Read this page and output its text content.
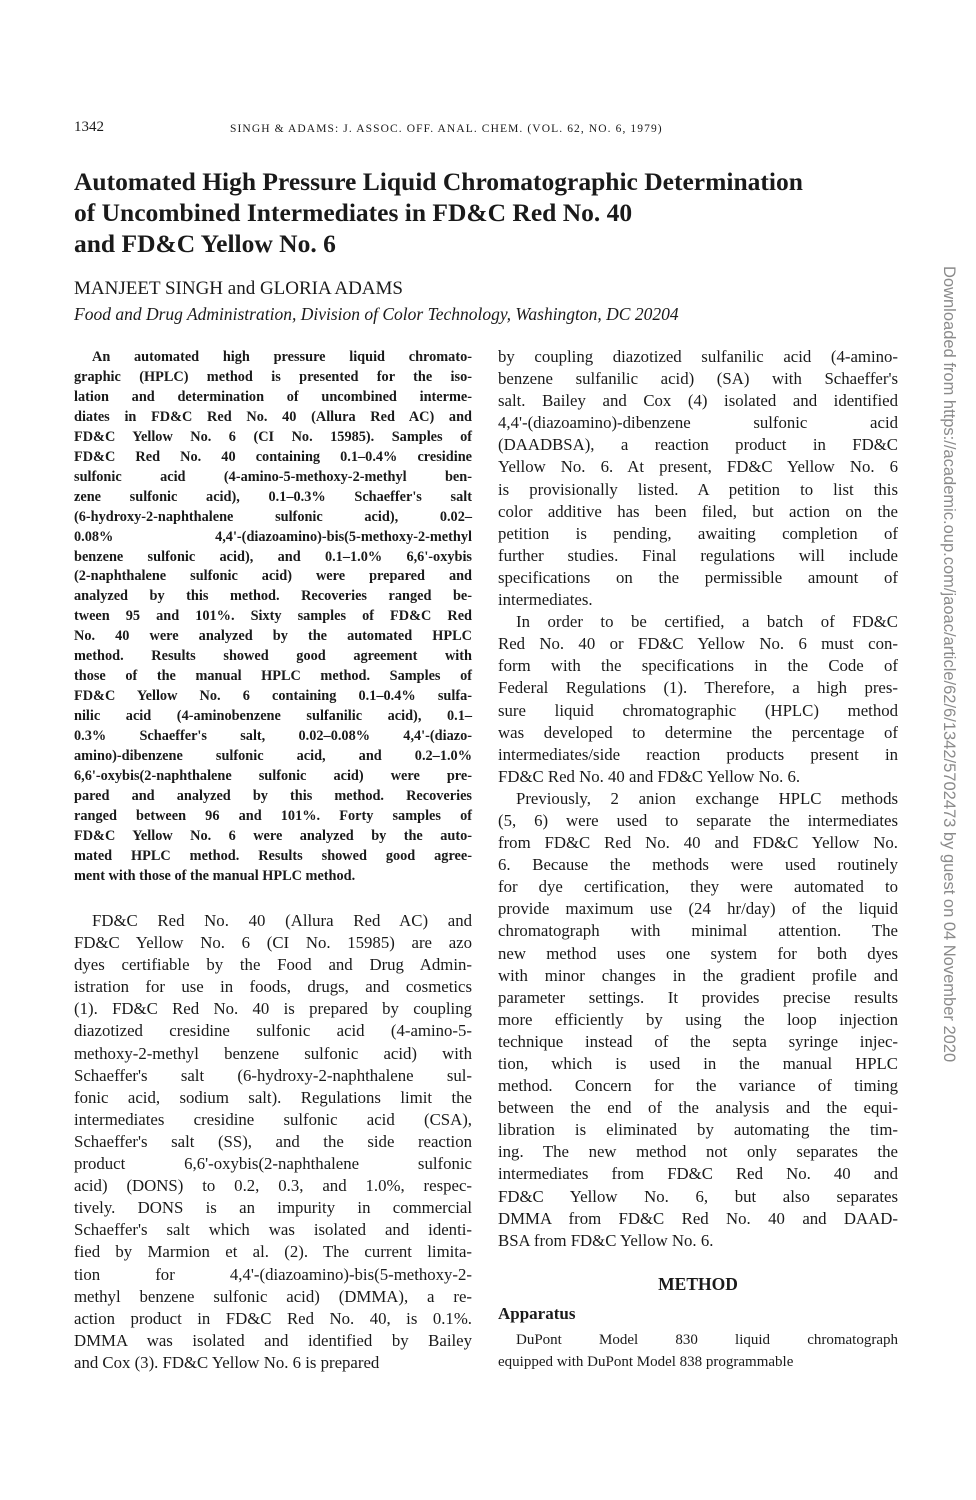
1342	SINGH & ADAMS: J. ASSOC. OFF. ANAL. CHEM. (VOL. 62, NO. 6, 1979)
Automated High Pressure Liquid Chromatographic Determination
of Uncombined Intermediates in FD&C Red No. 40
and FD&C Yellow No. 6
MANJEET SINGH and GLORIA ADAMS
Food and Drug Administration, Division of Color Technology, Washington, DC 20204
An automated high pressure liquid chromato-
graphic (HPLC) method is presented for the iso-
lation and determination of uncombined interme-
diates in FD&C Red No. 40 (Allura Red AC) and
FD&C Yellow No. 6 (CI No. 15985). Samples of
FD&C Red No. 40 containing 0.1–0.4% cresidine
sulfonic acid (4-amino-5-methoxy-2-methyl ben-
zene sulfonic acid), 0.1–0.3% Schaeffer's salt
(6-hydroxy-2-naphthalene sulfonic acid), 0.02–
0.08% 4,4'-(diazoamino)-bis(5-methoxy-2-methyl
benzene sulfonic acid), and 0.1–1.0% 6,6'-oxybis
(2-naphthalene sulfonic acid) were prepared and
analyzed by this method. Recoveries ranged be-
tween 95 and 101%. Sixty samples of FD&C Red
No. 40 were analyzed by the automated HPLC
method. Results showed good agreement with
those of the manual HPLC method. Samples of
FD&C Yellow No. 6 containing 0.1–0.4% sulfa-
nilic acid (4-aminobenzene sulfanilic acid), 0.1–
0.3% Schaeffer's salt, 0.02–0.08% 4,4'-(diazo-
amino)-dibenzene sulfonic acid, and 0.2–1.0%
6,6'-oxybis(2-naphthalene sulfonic acid) were pre-
pared and analyzed by this method. Recoveries
ranged between 96 and 101%. Forty samples of
FD&C Yellow No. 6 were analyzed by the auto-
mated HPLC method. Results showed good agree-
ment with those of the manual HPLC method.
FD&C Red No. 40 (Allura Red AC) and
FD&C Yellow No. 6 (CI No. 15985) are azo
dyes certifiable by the Food and Drug Admin-
istration for use in foods, drugs, and cosmetics
(1). FD&C Red No. 40 is prepared by coupling
diazotized cresidine sulfonic acid (4-amino-5-
methoxy-2-methyl benzene sulfonic acid) with
Schaeffer's salt (6-hydroxy-2-naphthalene sul-
fonic acid, sodium salt). Regulations limit the
intermediates cresidine sulfonic acid (CSA),
Schaeffer's salt (SS), and the side reaction
product 6,6'-oxybis(2-naphthalene sulfonic
acid) (DONS) to 0.2, 0.3, and 1.0%, respec-
tively. DONS is an impurity in commercial
Schaeffer's salt which was isolated and identi-
fied by Marmion et al. (2). The current limita-
tion for 4,4'-(diazoamino)-bis(5-methoxy-2-
methyl benzene sulfonic acid) (DMMA), a re-
action product in FD&C Red No. 40, is 0.1%.
DMMA was isolated and identified by Bailey
and Cox (3). FD&C Yellow No. 6 is prepared
by coupling diazotized sulfanilic acid (4-amino-
benzene sulfanilic acid) (SA) with Schaeffer's
salt. Bailey and Cox (4) isolated and identified
4,4'-(diazoamino)-dibenzene sulfonic acid
(DAADBSA), a reaction product in FD&C
Yellow No. 6. At present, FD&C Yellow No. 6
is provisionally listed. A petition to list this
color additive has been filed, but action on the
petition is pending, awaiting completion of
further studies. Final regulations will include
specifications on the permissible amount of
intermediates.
In order to be certified, a batch of FD&C
Red No. 40 or FD&C Yellow No. 6 must con-
form with the specifications in the Code of
Federal Regulations (1). Therefore, a high pres-
sure liquid chromatographic (HPLC) method
was developed to determine the percentage of
intermediates/side reaction products present in
FD&C Red No. 40 and FD&C Yellow No. 6.
Previously, 2 anion exchange HPLC methods
(5, 6) were used to separate the intermediates
from FD&C Red No. 40 and FD&C Yellow No.
6. Because the methods were used routinely
for dye certification, they were automated to
provide maximum use (24 hr/day) of the liquid
chromatograph with minimal attention. The
new method uses one system for both dyes
with minor changes in the gradient profile and
parameter settings. It provides precise results
more efficiently by using the loop injection
technique instead of the septa syringe injec-
tion, which is used in the manual HPLC
method. Concern for the variance of timing
between the end of the analysis and the equi-
libration is eliminated by automating the tim-
ing. The new method not only separates the
intermediates from FD&C Red No. 40 and
FD&C Yellow No. 6, but also separates
DMMA from FD&C Red No. 40 and DAAD-
BSA from FD&C Yellow No. 6.
METHOD
Apparatus
DuPont Model 830 liquid chromatograph
equipped with DuPont Model 838 programmable
Downloaded from https://academic.oup.com/jaoac/article/62/6/1342/5702473 by guest on 04 November 2020
